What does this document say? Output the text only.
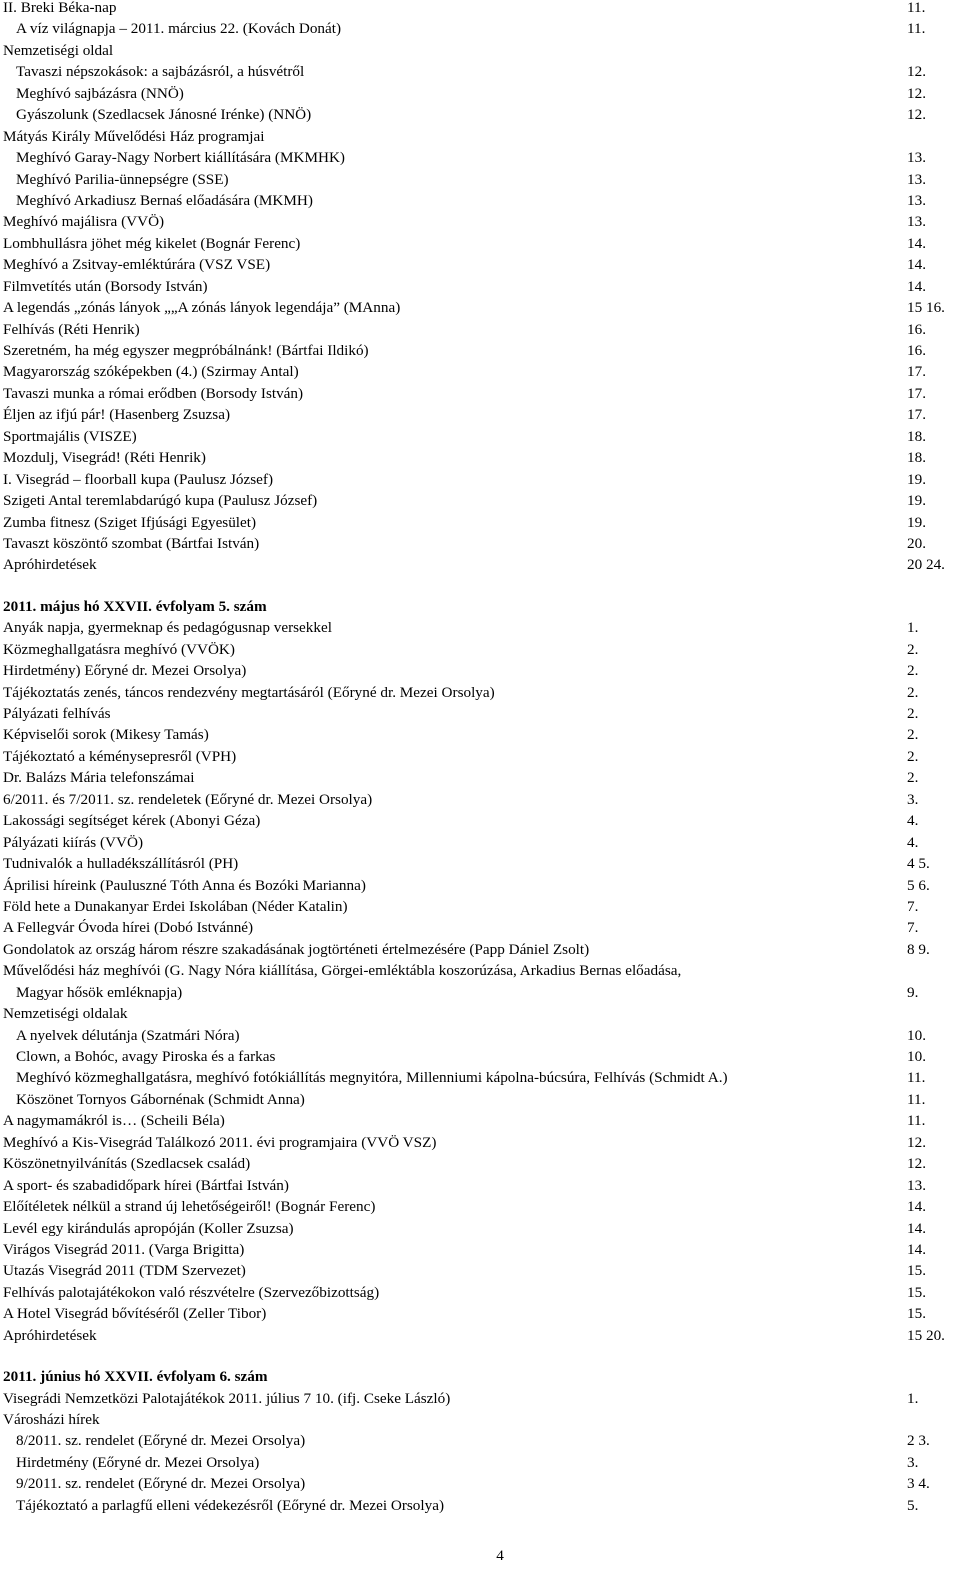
II. Breki Béka-nap	11.
A víz világnapja – 2011. március 22. (Kovách Donát)	11.
Nemzetiségi oldal
Tavaszi népszokások: a sajbázásról, a húsvétről	12.
Meghívó sajbázásra (NNÖ)	12.
Gyászolunk (Szedlacsek Jánosné Irénke) (NNÖ)	12.
Mátyás Király Művelődési Ház programjai
Meghívó Garay-Nagy Norbert kiállítására (MKMHK)	13.
Meghívó Parilia-ünnepségre (SSE)	13.
Meghívó Arkadiusz Bernaś előadására (MKMH)	13.
Meghívó majálisra (VVÖ)	13.
Lombhullásra jöhet még kikelet (Bognár Ferenc)	14.
Meghívó a Zsitvay-emléktúrára (VSZ VSE)	14.
Filmvetítés után (Borsody István)	14.
A legendás „zónás lányok „„A zónás lányok legendája” (MAnna)	15 16.
Felhívás (Réti Henrik)	16.
Szeretném, ha még egyszer megpróbálnánk! (Bártfai Ildikó)	16.
Magyarország szóképekben (4.) (Szirmay Antal)	17.
Tavaszi munka a római erődben (Borsody István)	17.
Éljen az ifjú pár! (Hasenberg Zsuzsa)	17.
Sportmajális (VISZE)	18.
Mozdulj, Visegrád! (Réti Henrik)	18.
I. Visegrád – floorball kupa (Paulusz József)	19.
Szigeti Antal teremlabdarúgó kupa (Paulusz József)	19.
Zumba fitnesz (Sziget Ifjúsági Egyesület)	19.
Tavaszt köszöntő szombat (Bártfai István)	20.
Apróhirdetések	20 24.
2011. május hó XXVII. évfolyam 5. szám
Anyák napja, gyermeknap és pedagógusnap versekkel	1.
Közmeghallgatásra meghívó (VVÖK)	2.
Hirdetmény) Eőryné dr. Mezei Orsolya)	2.
Tájékoztatás zenés, táncos rendezvény megtartásáról (Eőryné dr. Mezei Orsolya)	2.
Pályázati felhívás	2.
Képviselői sorok (Mikesy Tamás)	2.
Tájékoztató a kéménysepresről (VPH)	2.
Dr. Balázs Mária telefonszámai	2.
6/2011. és 7/2011. sz. rendeletek (Eőryné dr. Mezei Orsolya)	3.
Lakossági segítséget kérek (Abonyi Géza)	4.
Pályázati kiírás (VVÖ)	4.
Tudnivalók a hulladékszállításról (PH)	4 5.
Áprilisi híreink (Pauluszné Tóth Anna és Bozóki Marianna)	5 6.
Föld hete a Dunakanyar Erdei Iskolában (Néder Katalin)	7.
A Fellegvár Óvoda hírei (Dobó Istvánné)	7.
Gondolatok az ország három részre szakadásának jogtörténeti értelmezésére (Papp Dániel Zsolt)	8 9.
Művelődési ház meghívói (G. Nagy Nóra kiállítása, Görgei-emléktábla koszorúzása, Arkadius Bernas előadása,
Magyar hősök emléknapja)	9.
Nemzetiségi oldalak
A nyelvek délutánja (Szatmári Nóra)	10.
Clown, a Bohóc, avagy Piroska és a farkas	10.
Meghívó közmeghallgatásra, meghívó fotókiállítás megnyitóra, Millenniumi kápolna-búcsúra, Felhívás (Schmidt A.)	11.
Köszönet Tornyos Gábornénak (Schmidt Anna)	11.
A nagymamákról is… (Scheili Béla)	11.
Meghívó a Kis-Visegrád Találkozó 2011. évi programjaira (VVÖ VSZ)	12.
Köszönetnyilvánítás (Szedlacsek család)	12.
A sport- és szabadidőpark hírei (Bártfai István)	13.
Előítéletek nélkül a strand új lehetőségeiről! (Bognár Ferenc)	14.
Levél egy kirándulás apropóján (Koller Zsuzsa)	14.
Virágos Visegrád 2011. (Varga Brigitta)	14.
Utazás Visegrád 2011 (TDM Szervezet)	15.
Felhívás palotajátékokon való részvételre (Szervezőbizottság)	15.
A Hotel Visegrád bővítéséről (Zeller Tibor)	15.
Apróhirdetések	15 20.
2011. június hó XXVII. évfolyam 6. szám
Visegrádi Nemzetközi Palotajátékok 2011. július 7 10. (ifj. Cseke László)	1.
Városházi hírek
8/2011. sz. rendelet (Eőryné dr. Mezei Orsolya)	2 3.
Hirdetmény (Eőryné dr. Mezei Orsolya)	3.
9/2011. sz. rendelet (Eőryné dr. Mezei Orsolya)	3 4.
Tájékoztató a parlagfű elleni védekezésről (Eőryné dr. Mezei Orsolya)	5.
4
